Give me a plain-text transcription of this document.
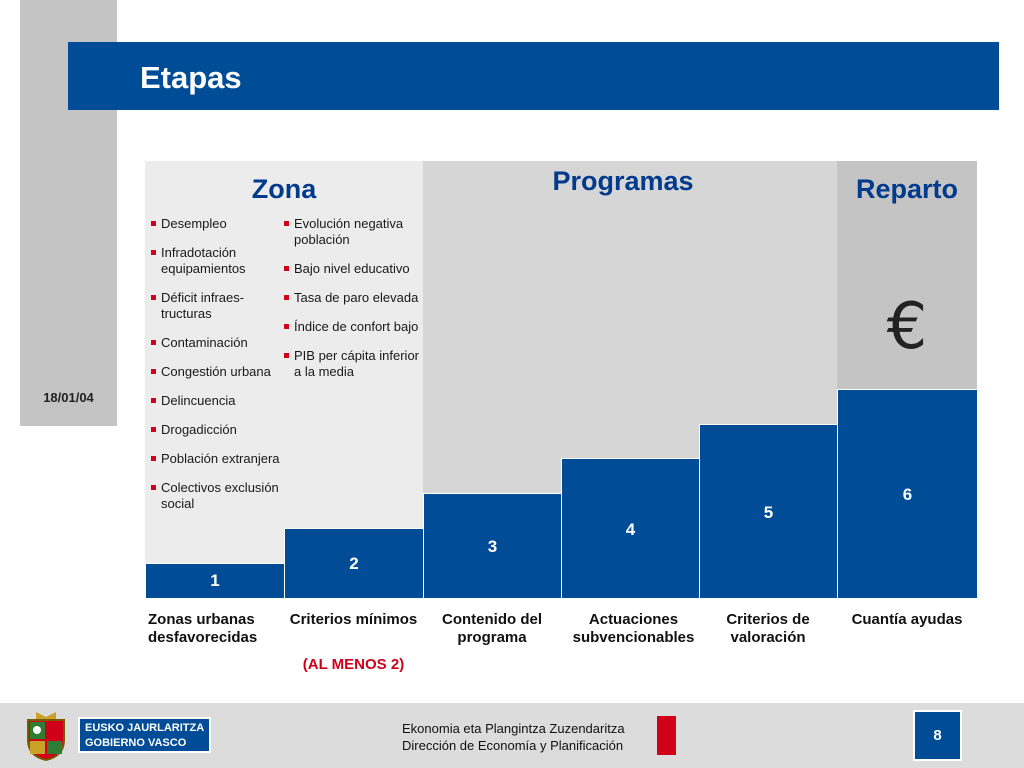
18/01/04
Etapas
Zona	Programas	Reparto
€
Desempleo
Infradotación equipamientos
Déficit infraes-tructuras
Contaminación
Congestión urbana
Delincuencia
Drogadicción
Población extranjera
Colectivos exclusión social
Evolución negativa población
Bajo nivel educativo
Tasa de paro elevada
Índice de confort bajo
PIB per cápita inferior a la media
1
2
3
4
5
6
Zonas urbanas desfavorecidas
Criterios mínimos
(AL MENOS 2)
Contenido del programa
Actuaciones subvencionables
Criterios de valoración
Cuantía ayudas
EUSKO JAURLARITZA
GOBIERNO VASCO
Ekonomia eta Plangintza Zuzendaritza
Dirección de Economía y Planificación
8
